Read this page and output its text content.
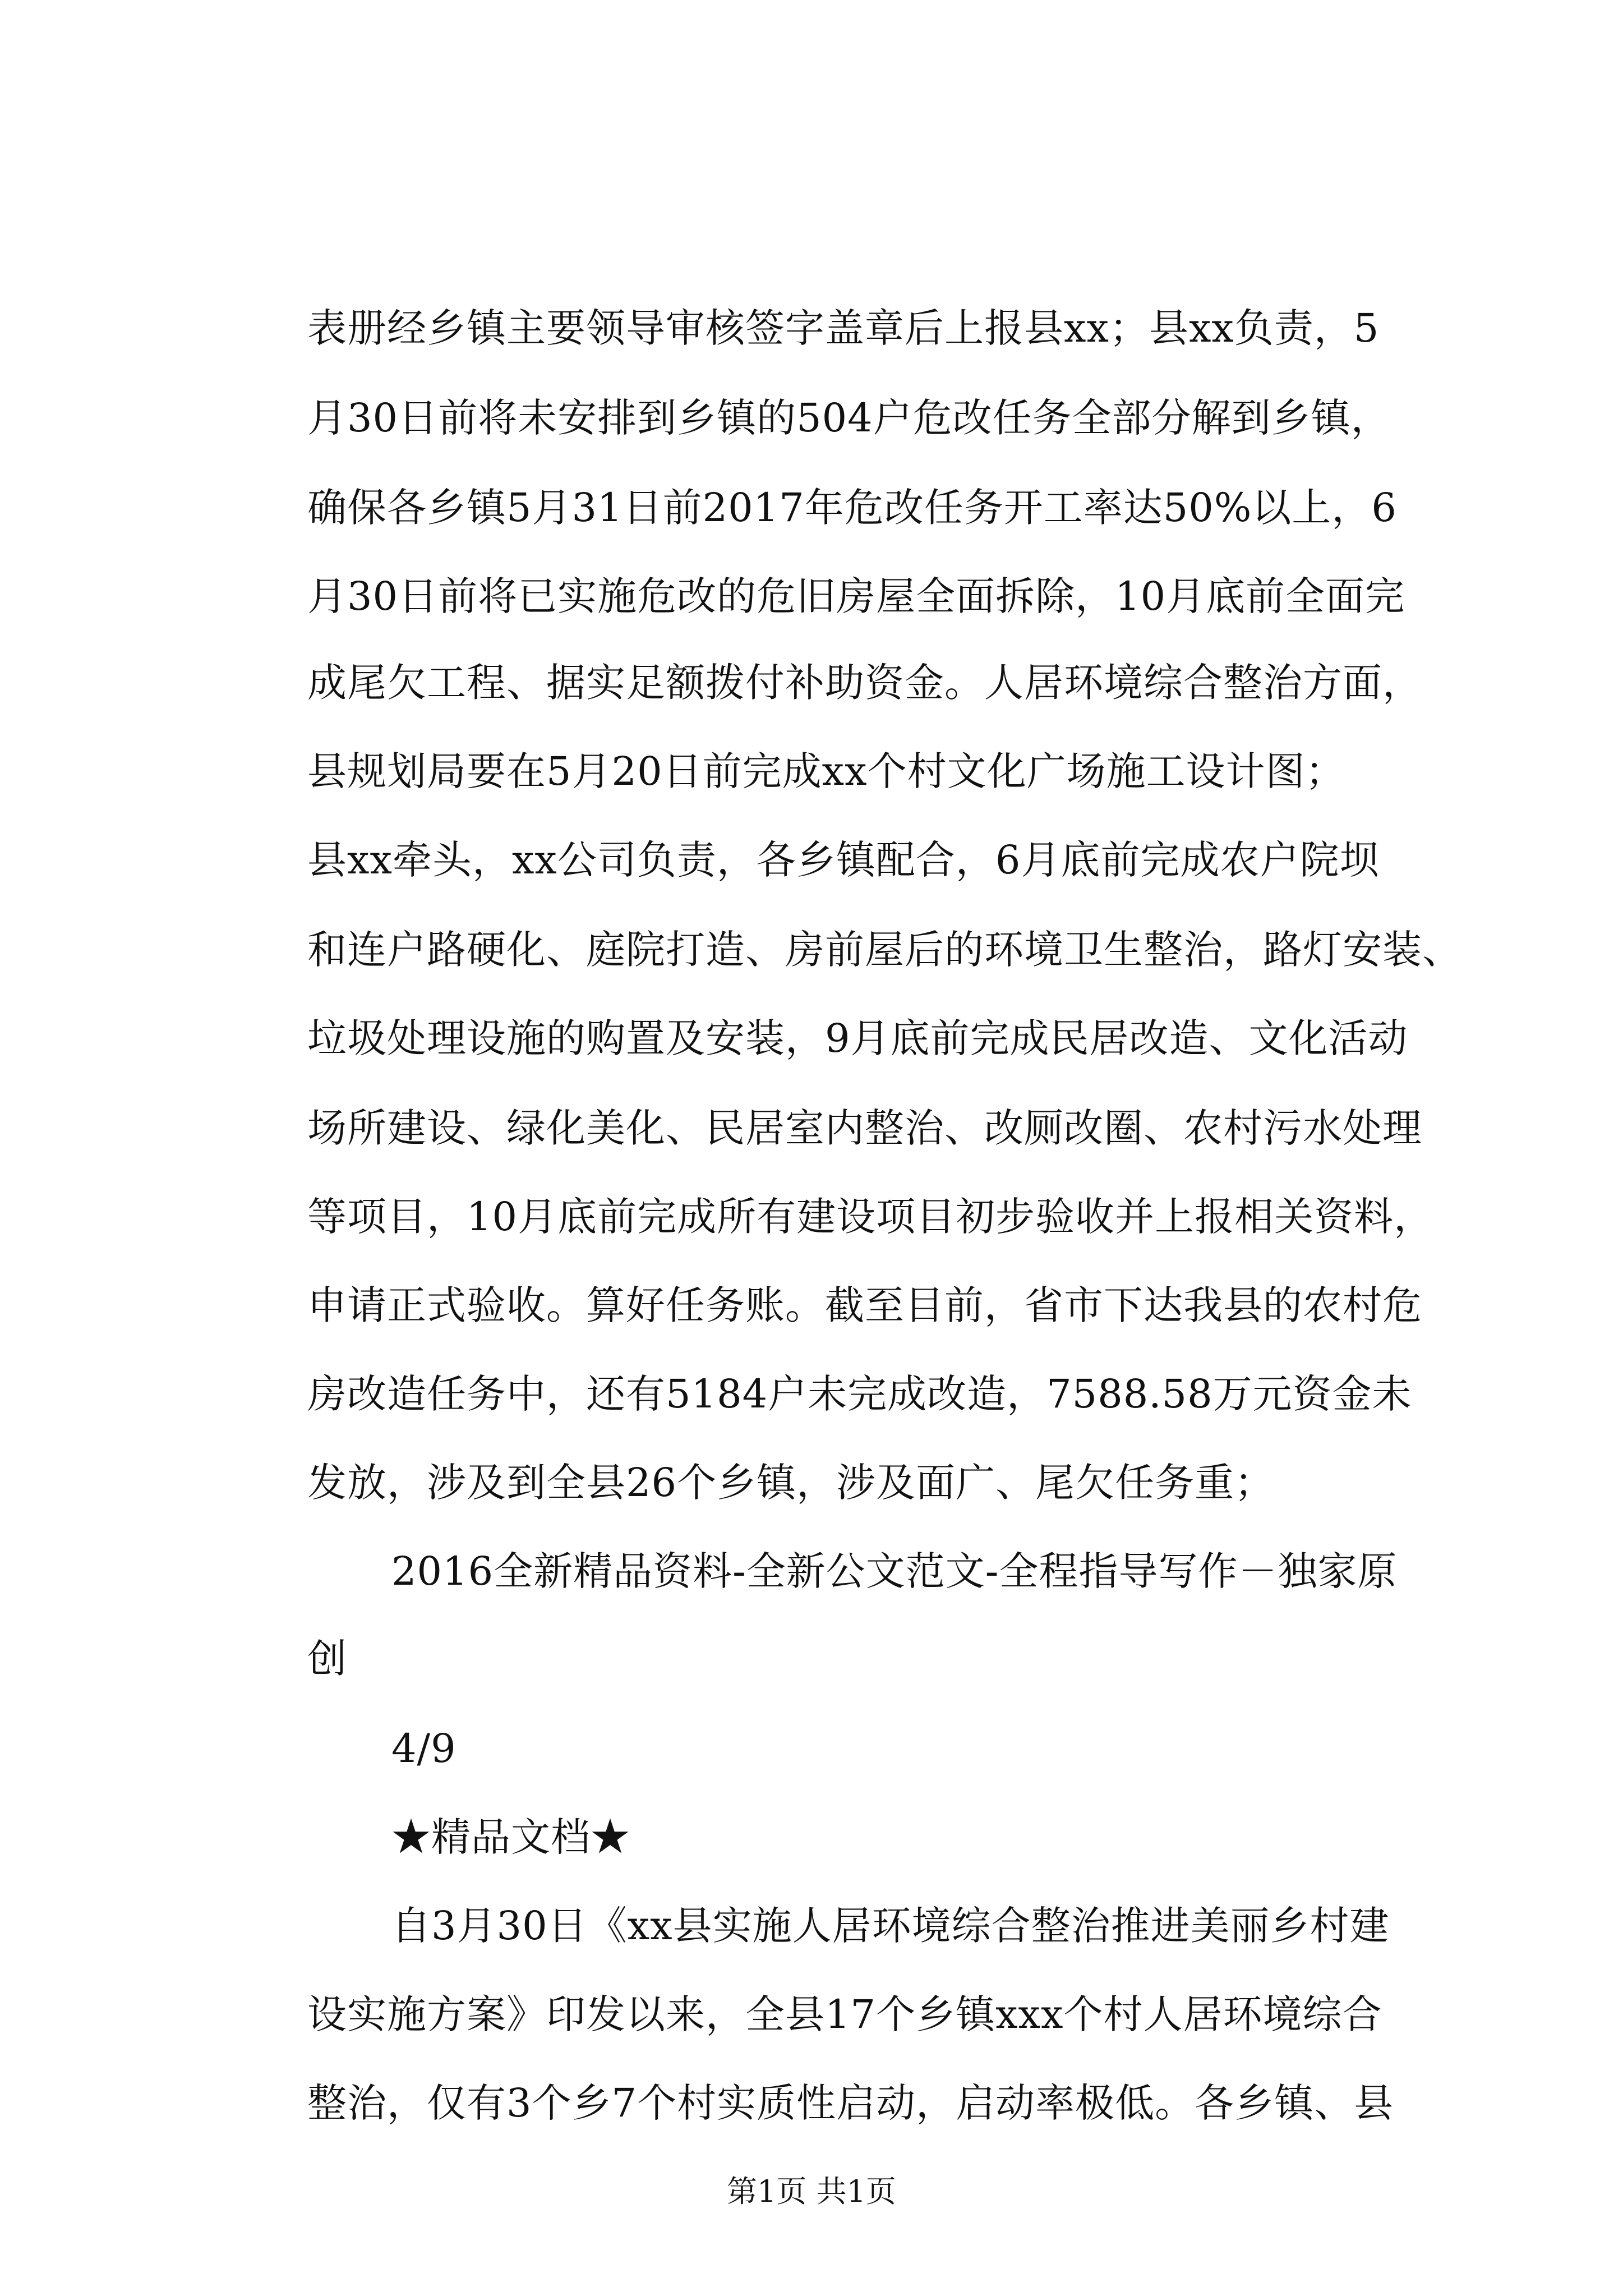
表册经乡镇主要领导审核签字盖章后上报县xx；县xx负责，5
月30日前将未安排到乡镇的504户危改任务全部分解到乡镇，
确保各乡镇5月31日前2017年危改任务开工率达50%以上，6
月30日前将已实施危改的危旧房屋全面拆除，10月底前全面完
成尾欠工程、据实足额拨付补助资金。人居环境综合整治方面，
县规划局要在5月20日前完成xx个村文化广场施工设计图；
县xx牵头，xx公司负责，各乡镇配合，6月底前完成农户院坝
和连户路硬化、庭院打造、房前屋后的环境卫生整治，路灯安装、
垃圾处理设施的购置及安装，9月底前完成民居改造、文化活动
场所建设、绿化美化、民居室内整治、改厕改圈、农村污水处理
等项目，10月底前完成所有建设项目初步验收并上报相关资料，
申请正式验收。算好任务账。截至目前，省市下达我县的农村危
房改造任务中，还有5184户未完成改造，7588.58万元资金未
发放，涉及到全县26个乡镇，涉及面广、尾欠任务重；
2016全新精品资料-全新公文范文-全程指导写作－独家原
创
4/9
★精品文档★
自3月30日《xx县实施人居环境综合整治推进美丽乡村建
设实施方案》印发以来，全县17个乡镇xxx个村人居环境综合
整治，仅有3个乡7个村实质性启动，启动率极低。各乡镇、县
第1页 共1页
